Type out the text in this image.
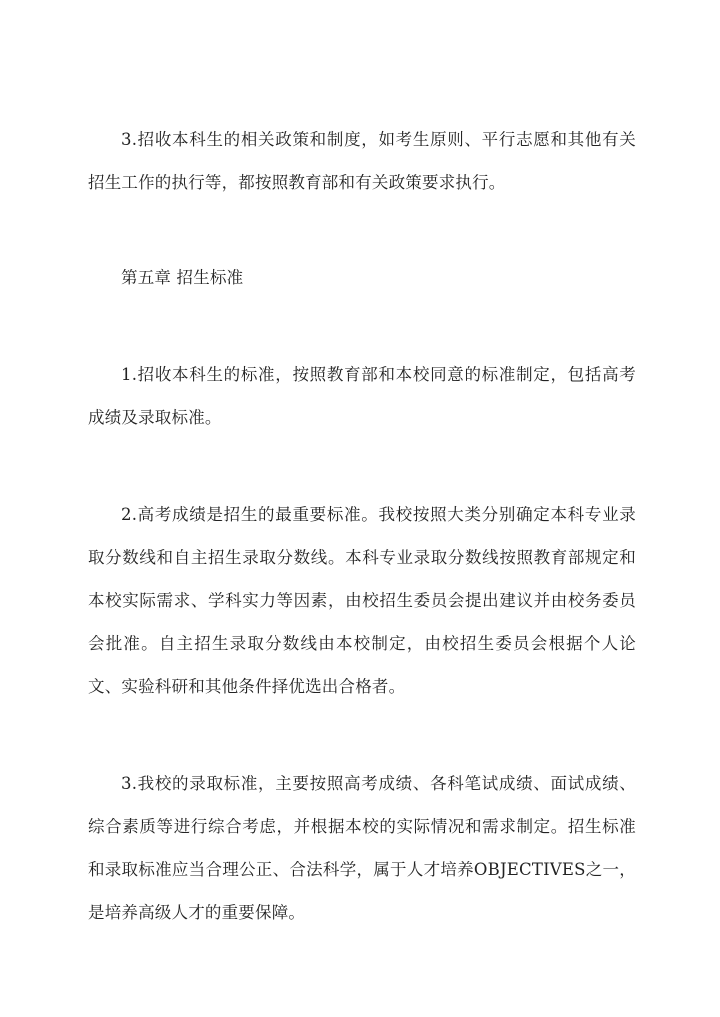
3.招收本科生的相关政策和制度，如考生原则、平行志愿和其他有关招生工作的执行等，都按照教育部和有关政策要求执行。

第五章 招生标准

1.招收本科生的标准，按照教育部和本校同意的标准制定，包括高考成绩及录取标准。

2.高考成绩是招生的最重要标准。我校按照大类分别确定本科专业录取分数线和自主招生录取分数线。本科专业录取分数线按照教育部规定和本校实际需求、学科实力等因素，由校招生委员会提出建议并由校务委员会批准。自主招生录取分数线由本校制定，由校招生委员会根据个人论文、实验科研和其他条件择优选出合格者。

3.我校的录取标准，主要按照高考成绩、各科笔试成绩、面试成绩、综合素质等进行综合考虑，并根据本校的实际情况和需求制定。招生标准和录取标准应当合理公正、合法科学，属于人才培养OBJECTIVES之一，是培养高级人才的重要保障。
